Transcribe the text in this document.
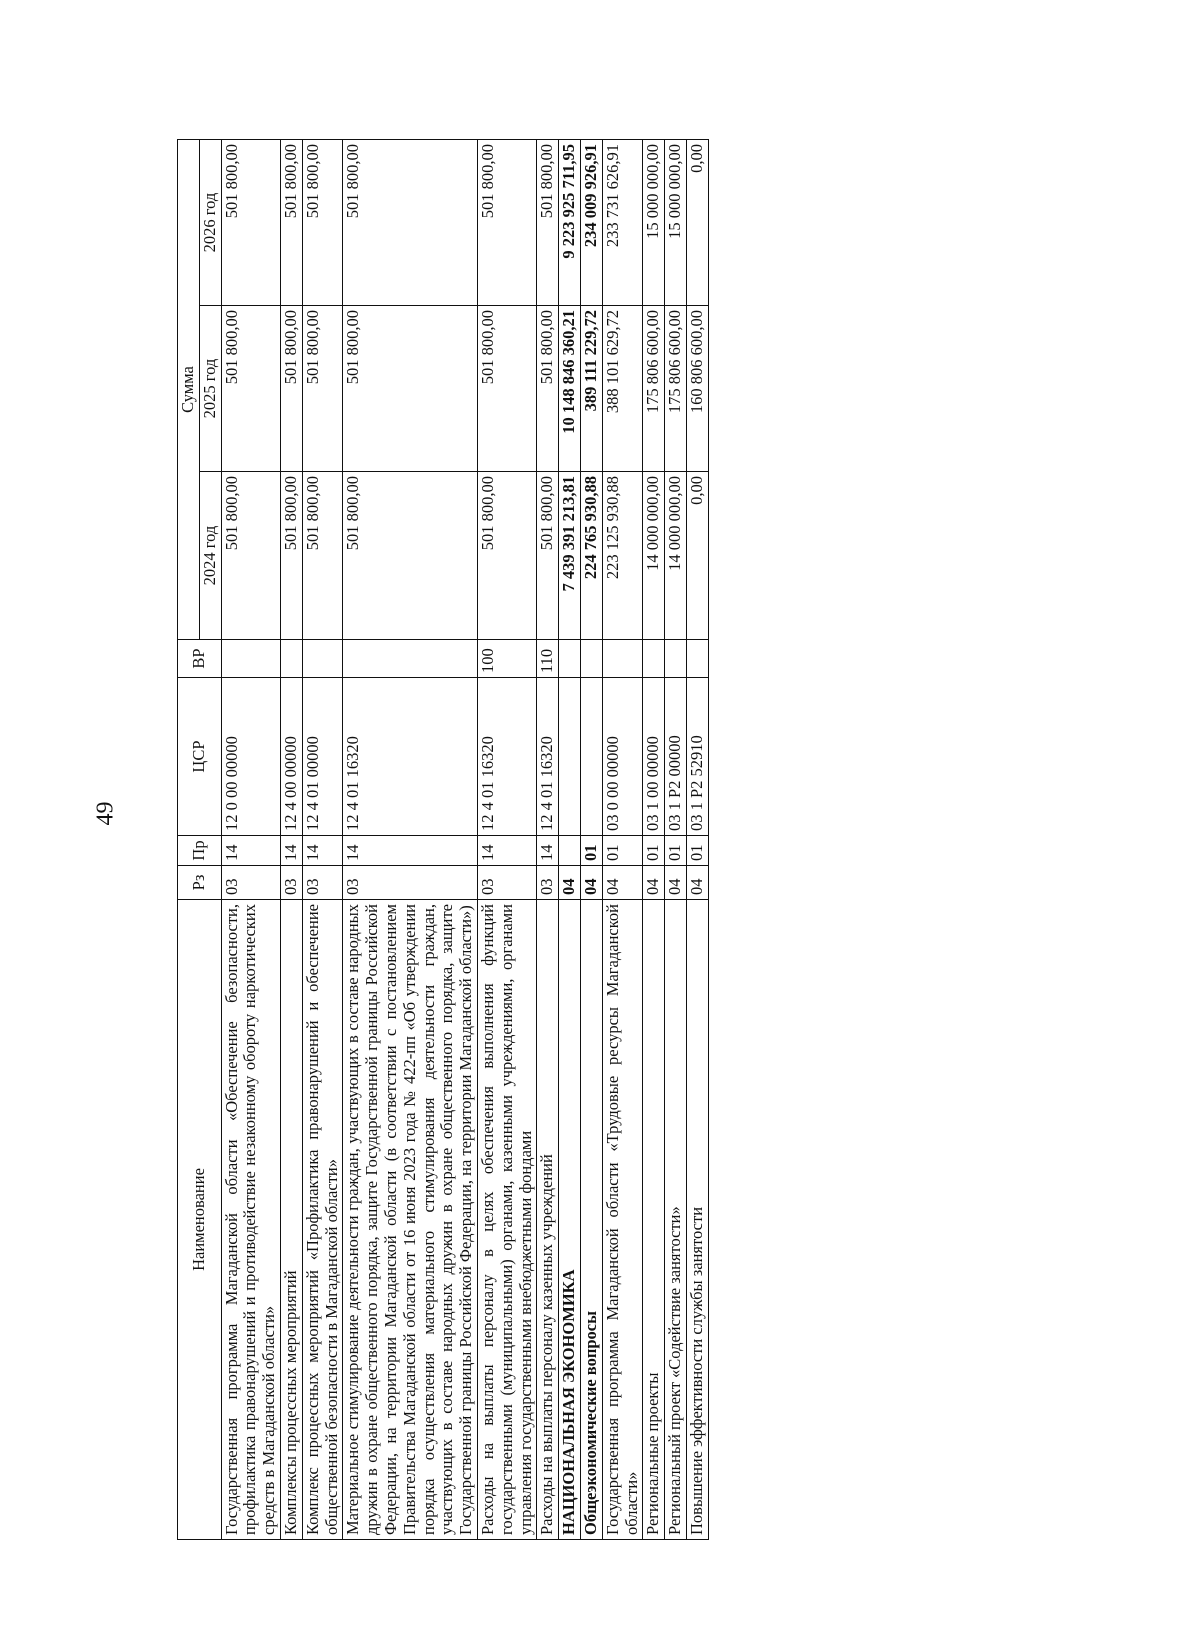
49
Наименование	Рз	Пр	ЦСР	ВР	Сумма		
					2024 год	2025 год	2026 год
Государственная программа Магаданской области «Обеспечение безопасности, профилактика правонарушений и противодействие незаконному обороту наркотических средств в Магаданской области»	03	14	12 0 00 00000		501 800,00	501 800,00	501 800,00
Комплексы процессных мероприятий	03	14	12 4 00 00000		501 800,00	501 800,00	501 800,00
Комплекс процессных мероприятий «Профилактика правонарушений и обеспечение общественной безопасности в Магаданской области»	03	14	12 4 01 00000		501 800,00	501 800,00	501 800,00
Материальное стимулирование деятельности граждан, участвующих в составе народных дружин в охране общественного порядка, защите Государственной границы Российской Федерации, на территории Магаданской области (в соответствии с постановлением Правительства Магаданской области от 16 июня 2023 года № 422-пп «Об утверждении порядка осуществления материального стимулирования деятельности граждан, участвующих в составе народных дружин в охране общественного порядка, защите Государственной границы Российской Федерации, на территории Магаданской области»)	03	14	12 4 01 16320		501 800,00	501 800,00	501 800,00
Расходы на выплаты персоналу в целях обеспечения выполнения функций государственными (муниципальными) органами, казенными учреждениями, органами управления государственными внебюджетными фондами	03	14	12 4 01 16320	100	501 800,00	501 800,00	501 800,00
Расходы на выплаты персоналу казенных учреждений	03	14	12 4 01 16320	110	501 800,00	501 800,00	501 800,00
НАЦИОНАЛЬНАЯ ЭКОНОМИКА	04				7 439 391 213,81	10 148 846 360,21	9 223 925 711,95
Общеэкономические вопросы	04	01			224 765 930,88	389 111 229,72	234 009 926,91
Государственная программа Магаданской области «Трудовые ресурсы Магаданской области»	04	01	03 0 00 00000		223 125 930,88	388 101 629,72	233 731 626,91
Региональные проекты	04	01	03 1 00 00000		14 000 000,00	175 806 600,00	15 000 000,00
Региональный проект «Содействие занятости»	04	01	03 1 Р2 00000		14 000 000,00	175 806 600,00	15 000 000,00
Повышение эффективности службы занятости	04	01	03 1 Р2 52910		0,00	160 806 600,00	0,00
